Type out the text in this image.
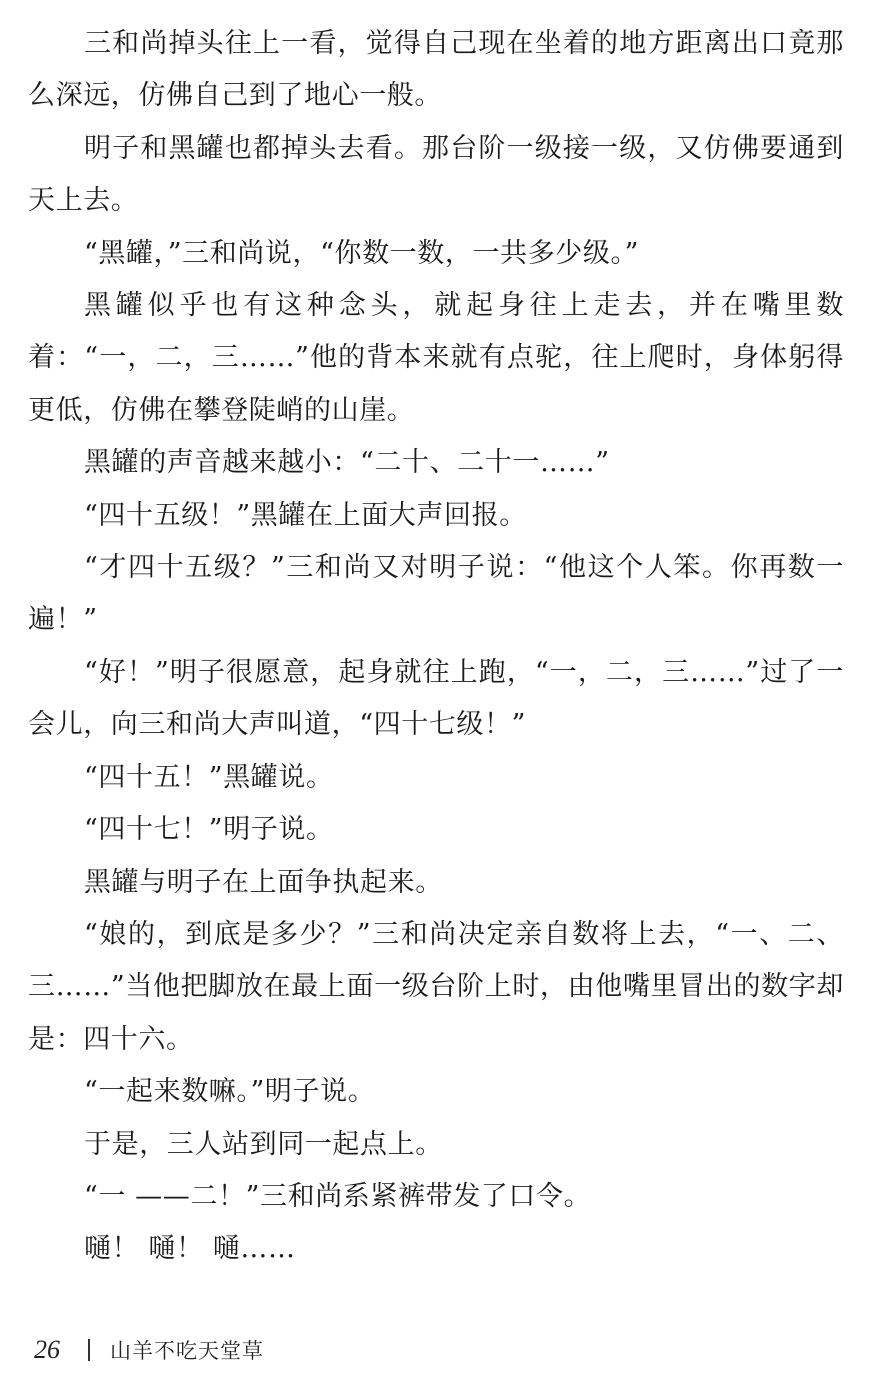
三和尚掉头往上一看，觉得自己现在坐着的地方距离出口竟那么深远，仿佛自己到了地心一般。

明子和黑罐也都掉头去看。那台阶一级接一级，又仿佛要通到天上去。

“黑罐，”三和尚说，“你数一数，一共多少级。”

黑罐似乎也有这种念头，就起身往上走去，并在嘴里数着：“一，二，三……”他的背本来就有点驼，往上爬时，身体躬得更低，仿佛在攀登陡峭的山崖。

黑罐的声音越来越小：“二十、二十一……”

“四十五级！”黑罐在上面大声回报。

“才四十五级？”三和尚又对明子说：“他这个人笨。你再数一遍！”

“好！”明子很愿意，起身就往上跑，“一，二，三……”过了一会儿，向三和尚大声叫道，“四十七级！”

“四十五！”黑罐说。

“四十七！”明子说。

黑罐与明子在上面争执起来。

“娘的，到底是多少？”三和尚决定亲自数将上去，“一、二、三……”当他把脚放在最上面一级台阶上时，由他嘴里冒出的数字却是：四十六。

“一起来数嘛。”明子说。

于是，三人站到同一起点上。

“一 ——二！”三和尚系紧裤带发了口令。

嗵！ 嗵！ 嗵……

26 山羊不吃天堂草
